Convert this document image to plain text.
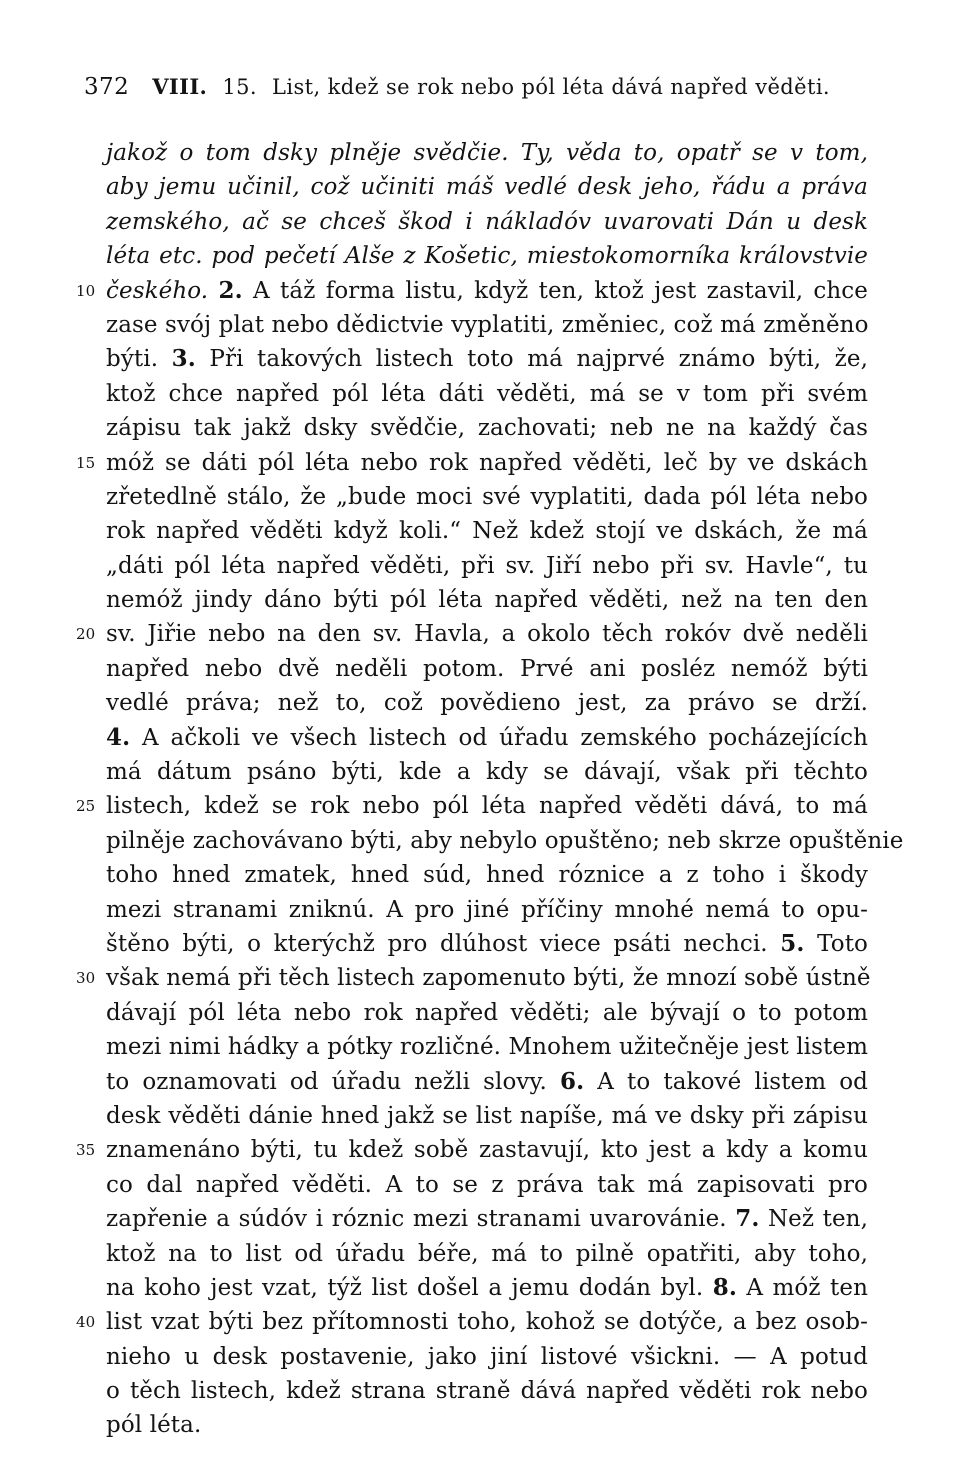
372 VIII. 15. List, kdež se rok nebo pól léta dává napřed věděti.
jakož o tom dsky plněje svědčie. Ty, věda to, opatř se v tom,
aby jemu učinil, což učiniti máš vedlé desk jeho, řádu a práva
zemského, ač se chceš škod i nákladóv uvarovati Dán u desk
léta etc. pod pečetí Alše z Košetic, miestokomorníka královstvie
10 českého. 2. A táž forma listu, když ten, ktož jest zastavil, chce
zase svój plat nebo dědictvie vyplatiti, změniec, což má změněno
býti. 3. Při takových listech toto má najprvé známo býti, že,
ktož chce napřed pól léta dáti věděti, má se v tom při svém
zápisu tak jakž dsky svědčie, zachovati; neb ne na každý čas
15 móž se dáti pól léta nebo rok napřed věděti, leč by ve dskách
zřetedlně stálo, že „bude moci své vyplatiti, dada pól léta nebo
rok napřed věděti když koli.“ Než kdež stojí ve dskách, že má
„dáti pól léta napřed věděti, při sv. Jiří nebo při sv. Havle“, tu
nemóž jindy dáno býti pól léta napřed věděti, než na ten den
20 sv. Jiřie nebo na den sv. Havla, a okolo těch rokóv dvě neděli
napřed nebo dvě neděli potom. Prvé ani posléz nemóž býti
vedlé práva; než to, což povědieno jest, za právo se drží.
4. A ačkoli ve všech listech od úřadu zemského pocházejících
má dátum psáno býti, kde a kdy se dávají, však při těchto
25 listech, kdež se rok nebo pól léta napřed věděti dává, to má
pilněje zachovávano býti, aby nebylo opuštěno; neb skrze opuštěnie
toho hned zmatek, hned súd, hned róznice a z toho i škody
mezi stranami zniknú. A pro jiné příčiny mnohé nemá to opu-
štěno býti, o kterýchž pro dlúhost viece psáti nechci. 5. Toto
30 však nemá při těch listech zapomenuto býti, že mnozí sobě ústně
dávají pól léta nebo rok napřed věděti; ale bývají o to potom
mezi nimi hádky a pótky rozličné. Mnohem užitečněje jest listem
to oznamovati od úřadu nežli slovy. 6. A to takové listem od
desk věděti dánie hned jakž se list napíše, má ve dsky při zápisu
35 znamenáno býti, tu kdež sobě zastavují, kto jest a kdy a komu
co dal napřed věděti. A to se z práva tak má zapisovati pro
zapřenie a súdóv i róznic mezi stranami uvarovánie. 7. Než ten,
ktož na to list od úřadu béře, má to pilně opatřiti, aby toho,
na koho jest vzat, týž list došel a jemu dodán byl. 8. A móž ten
40 list vzat býti bez přítomnosti toho, kohož se dotýče, a bez osob-
nieho u desk postavenie, jako jiní listové všickni. — A potud
o těch listech, kdež strana straně dává napřed věděti rok nebo
pól léta.
